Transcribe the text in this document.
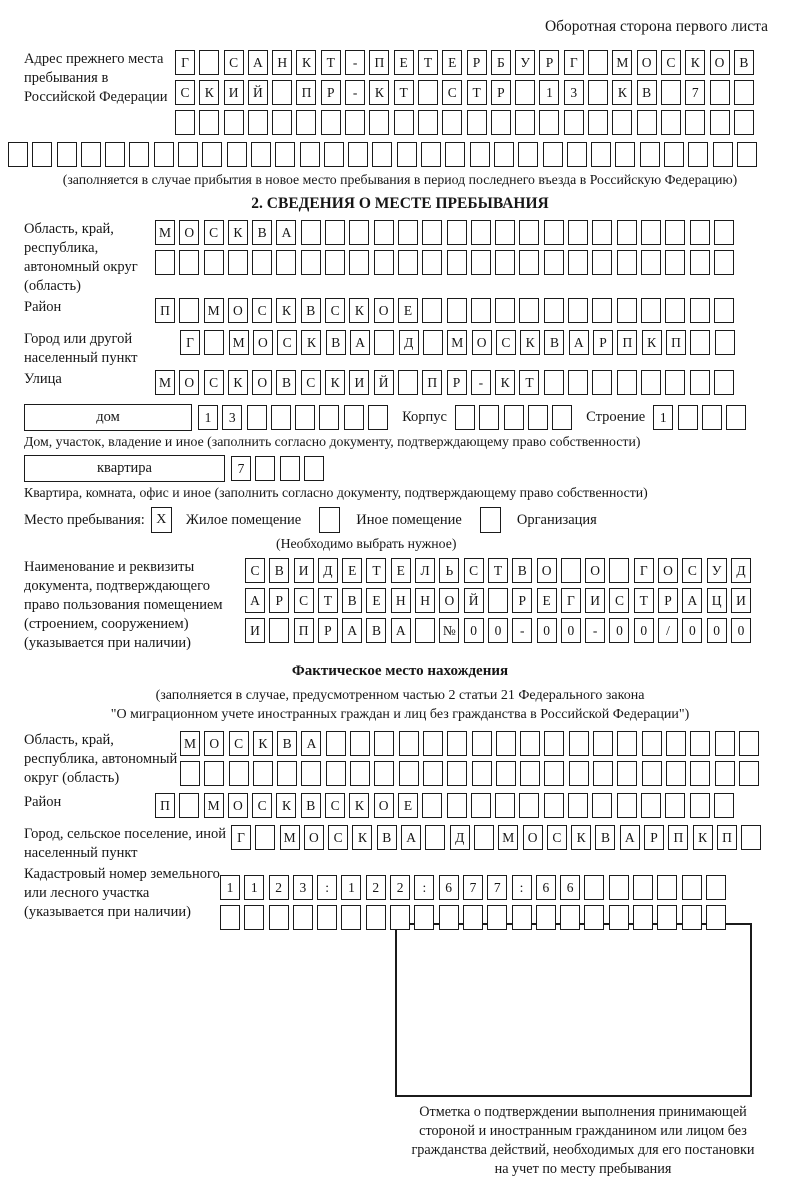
Оборотная сторона первого листа
Адрес прежнего места пребывания в Российской Федерации
Г	С	А	Н	К	Т	-	П	Е	Т	Е	Р	Б	У	Р	Г	М О	С	К	О	В
С	К	И	Й	П	Р	-	К	Т	С	Т	Р	1	3	К	В	7
(заполняется в случае прибытия в новое место пребывания в период последнего въезда в Российскую Федерацию)
2. СВЕДЕНИЯ О МЕСТЕ ПРЕБЫВАНИЯ
Область, край, республика, автономный округ (область)
М О	С	К	В	А
Район	П	М О	С	К	В	С	К	О	Е
Город или другой населенный пункт
Г	М О	С	К	В	А	Д	М О	С	К	В	А	Р	П	К	П
Улица	М О	С	К	О	В	С	К	И	Й	П	Р	-	К	Т
дом	1	3	Корпус	Строение	1
Дом, участок, владение и иное (заполнить согласно документу, подтверждающему право собственности)
квартира	7
Квартира, комната, офис и иное (заполнить согласно документу, подтверждающему право собственности)
Место пребывания: X	Жилое помещение	Иное помещение	Организация
(Необходимо выбрать нужное)
Наименование и реквизиты документа, подтверждающего право пользования помещением (строением, сооружением) (указывается при наличии)
С	В	И	Д	Е	Т	Е	Л	Ь	С	Т	В	О	О	Г	О	С	У	Д
А	Р	С	Т	В	Е	Н	Н	О	Й	Р	Е	Г	И	С	Т	Р	А	Ц	И
И	П	Р	А	В	А	№	0	0	-	0	0	-	0	0	/	0	0	0
Фактическое место нахождения
(заполняется в случае, предусмотренном частью 2 статьи 21 Федерального закона
"О миграционном учете иностранных граждан и лиц без гражданства в Российской Федерации")
Область, край, республика, автономный округ (область)
М О	С	К	В	А
Район	П	М О	С	К	В	С	К	О	Е
Город, сельское поселение, иной населенный пункт
Г	М О	С	К	В	А	Д	М О	С	К	В	А	Р	П	К	П
Кадастровый номер земельного или лесного участка (указывается при наличии)
1	1	2	3	:	1	2	2	:	6	7	7	:	6	6
Отметка о подтверждении выполнения принимающей
стороной и иностранным гражданином или лицом без
гражданства действий, необходимых для его постановки
на учет по месту пребывания
